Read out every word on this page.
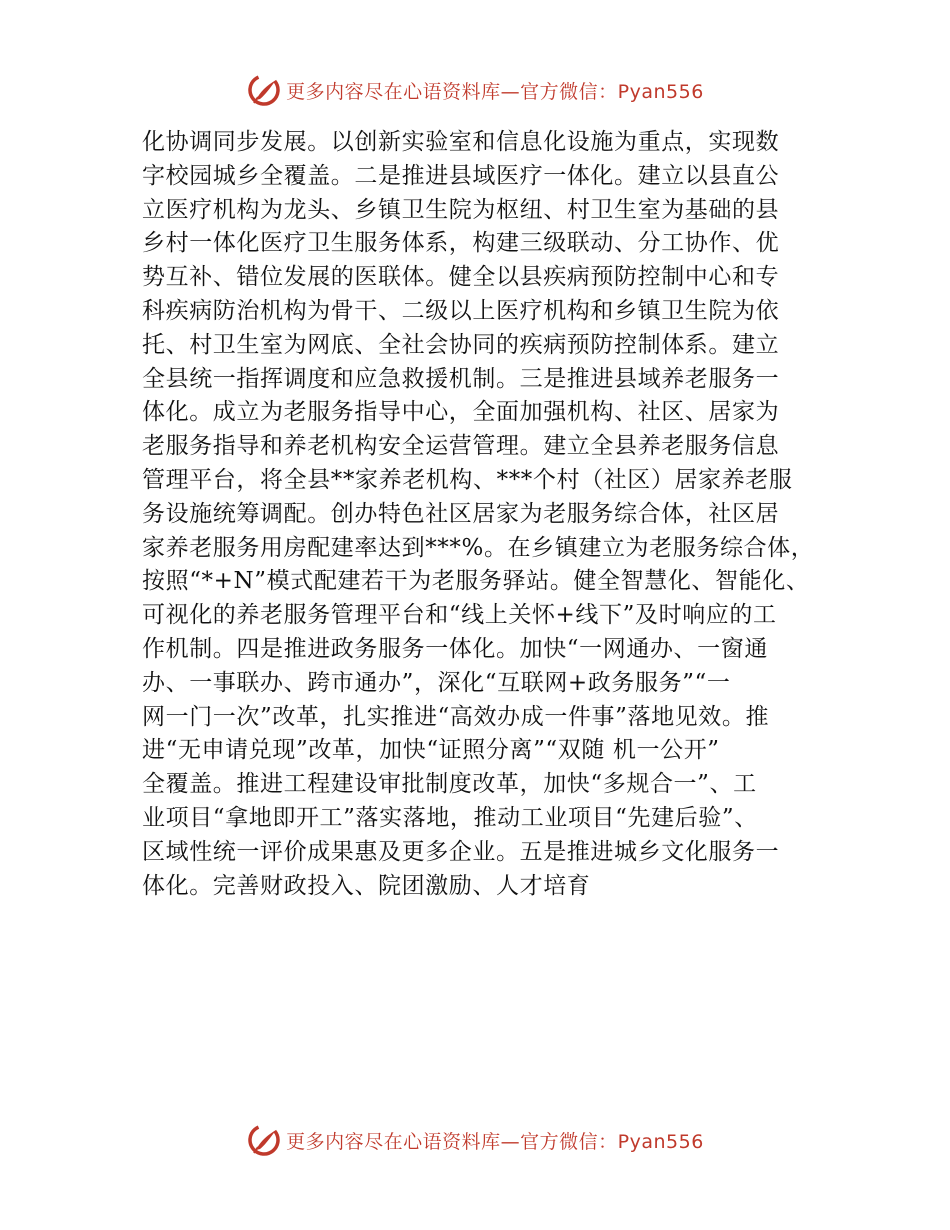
更多内容尽在心语资料库—官方微信：Pyan556
化协调同步发展。以创新实验室和信息化设施为重点，实现数
字校园城乡全覆盖。二是推进县域医疗一体化。建立以县直公
立医疗机构为龙头、乡镇卫生院为枢纽、村卫生室为基础的县
乡村一体化医疗卫生服务体系，构建三级联动、分工协作、优
势互补、错位发展的医联体。健全以县疾病预防控制中心和专
科疾病防治机构为骨干、二级以上医疗机构和乡镇卫生院为依
托、村卫生室为网底、全社会协同的疾病预防控制体系。建立
全县统一指挥调度和应急救援机制。三是推进县域养老服务一
体化。成立为老服务指导中心，全面加强机构、社区、居家为
老服务指导和养老机构安全运营管理。建立全县养老服务信息
管理平台，将全县**家养老机构、***个村（社区）居家养老服
务设施统筹调配。创办特色社区居家为老服务综合体，社区居
家养老服务用房配建率达到***%。在乡镇建立为老服务综合体，
按照“*+N”模式配建若干为老服务驿站。健全智慧化、智能化、
可视化的养老服务管理平台和“线上关怀+线下”及时响应的工
作机制。四是推进政务服务一体化。加快“一网通办、一窗通
办、一事联办、跨市通办”，深化“互联网+政务服务”“一
网一门一次”改革，扎实推进“高效办成一件事”落地见效。推
进“无申请兑现”改革，加快“证照分离”“双随 机一公开”
全覆盖。推进工程建设审批制度改革，加快“多规合一”、工
业项目“拿地即开工”落实落地，推动工业项目“先建后验”、
区域性统一评价成果惠及更多企业。五是推进城乡文化服务一
体化。完善财政投入、院团激励、人才培育
更多内容尽在心语资料库—官方微信：Pyan556
